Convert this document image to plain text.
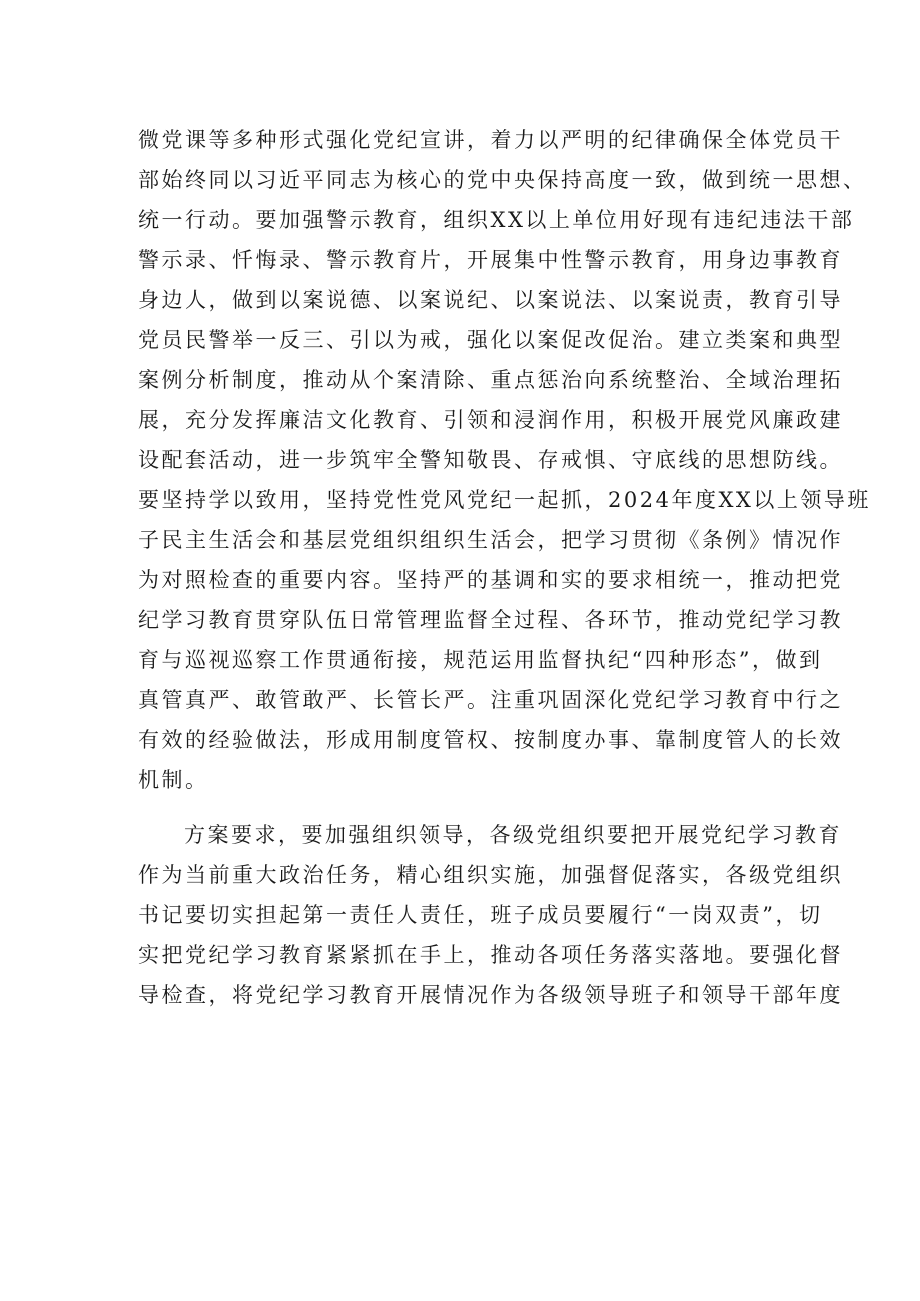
微党课等多种形式强化党纪宣讲，着力以严明的纪律确保全体党员干
部始终同以习近平同志为核心的党中央保持高度一致，做到统一思想、
统一行动。要加强警示教育，组织XX以上单位用好现有违纪违法干部
警示录、忏悔录、警示教育片，开展集中性警示教育，用身边事教育
身边人，做到以案说德、以案说纪、以案说法、以案说责，教育引导
党员民警举一反三、引以为戒，强化以案促改促治。建立类案和典型
案例分析制度，推动从个案清除、重点惩治向系统整治、全域治理拓
展，充分发挥廉洁文化教育、引领和浸润作用，积极开展党风廉政建
设配套活动，进一步筑牢全警知敬畏、存戒惧、守底线的思想防线。
要坚持学以致用，坚持党性党风党纪一起抓，2024年度XX以上领导班
子民主生活会和基层党组织组织生活会，把学习贯彻《条例》情况作
为对照检查的重要内容。坚持严的基调和实的要求相统一，推动把党
纪学习教育贯穿队伍日常管理监督全过程、各环节，推动党纪学习教
育与巡视巡察工作贯通衔接，规范运用监督执纪“四种形态”，做到
真管真严、敢管敢严、长管长严。注重巩固深化党纪学习教育中行之
有效的经验做法，形成用制度管权、按制度办事、靠制度管人的长效
机制。
方案要求，要加强组织领导，各级党组织要把开展党纪学习教育
作为当前重大政治任务，精心组织实施，加强督促落实，各级党组织
书记要切实担起第一责任人责任，班子成员要履行“一岗双责”，切
实把党纪学习教育紧紧抓在手上，推动各项任务落实落地。要强化督
导检查，将党纪学习教育开展情况作为各级领导班子和领导干部年度
